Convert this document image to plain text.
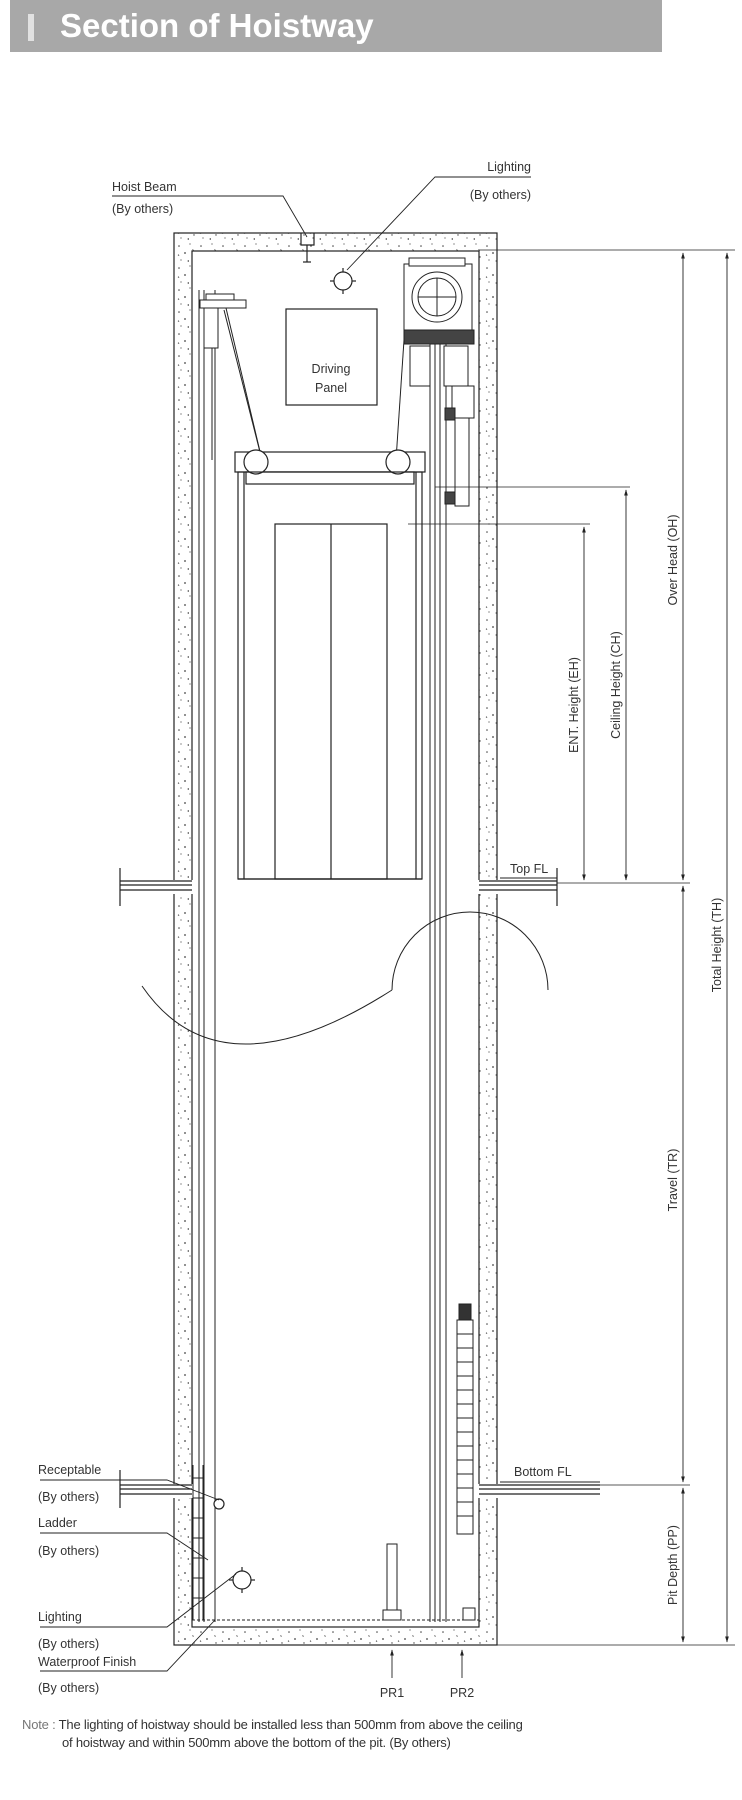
Section of Hoistway
Driving
Panel
Hoist Beam
(By others)
Lighting
(By others)
Receptable
(By others)
Ladder
(By others)
Lighting
(By others)
Waterproof Finish
(By others)
Top FL
Bottom FL
PR1	PR2
ENT. Height (EH) Ceiling Height (CH)
Over Head (OH)
Total Height (TH)
Travel (TR)
Pit Depth (PP)
Note : The lighting of hoistway should be installed less than 500mm from above the ceiling
of hoistway and within 500mm above the bottom of the pit. (By others)
